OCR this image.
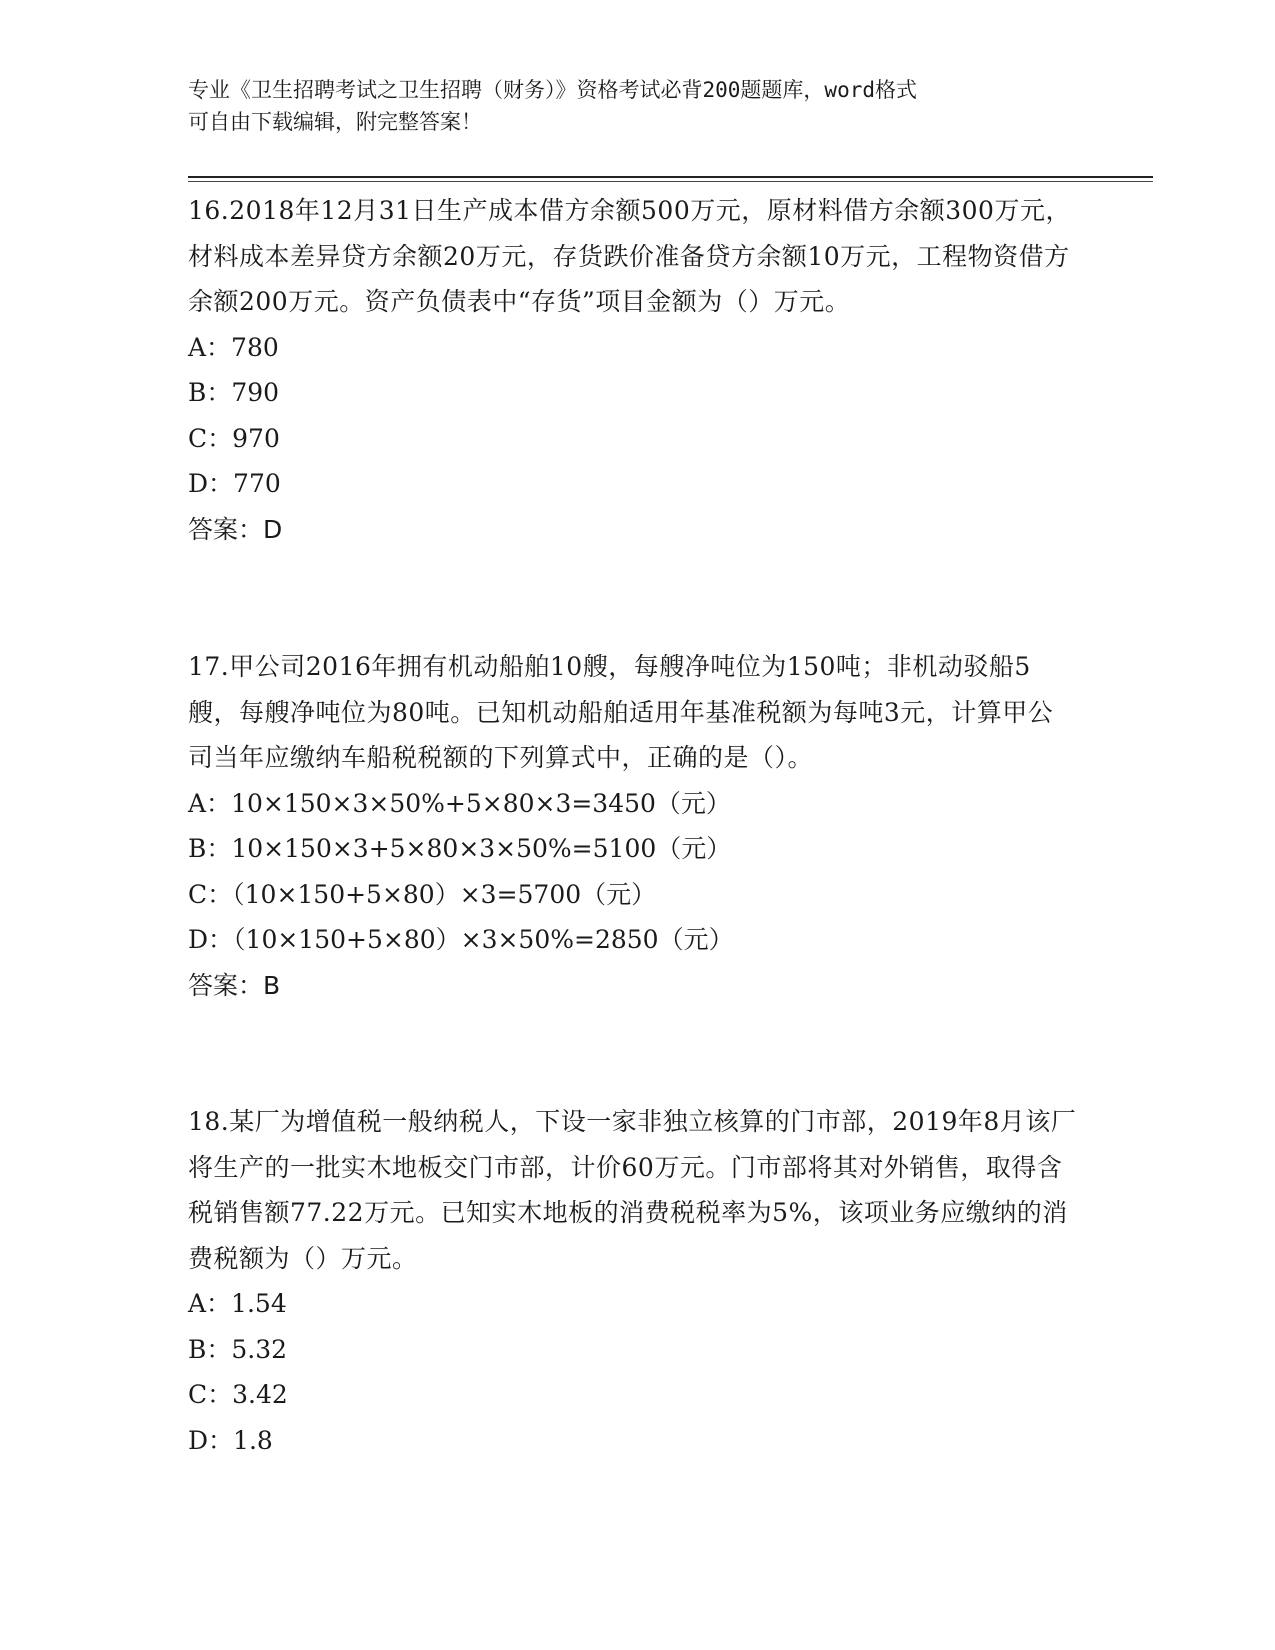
专业《卫生招聘考试之卫生招聘（财务）》资格考试必背200题题库，word格式
可自由下载编辑，附完整答案！
16.2018年12月31日生产成本借方余额500万元，原材料借方余额300万元，材料成本差异贷方余额20万元，存货跌价准备贷方余额10万元，工程物资借方余额200万元。资产负债表中“存货”项目金额为（）万元。
A：780
B：790
C：970
D：770
答案：D
17.甲公司2016年拥有机动船舶10艘，每艘净吨位为150吨；非机动驳船5艘，每艘净吨位为80吨。已知机动船舶适用年基准税额为每吨3元，计算甲公司当年应缴纳车船税税额的下列算式中，正确的是（）。
A：10×150×3×50%+5×80×3=3450（元）
B：10×150×3+5×80×3×50%=5100（元）
C：（10×150+5×80）×3=5700（元）
D：（10×150+5×80）×3×50%=2850（元）
答案：B
18.某厂为增值税一般纳税人，下设一家非独立核算的门市部，2019年8月该厂将生产的一批实木地板交门市部，计价60万元。门市部将其对外销售，取得含税销售额77.22万元。已知实木地板的消费税税率为5%，该项业务应缴纳的消费税额为（）万元。
A：1.54
B：5.32
C：3.42
D：1.8
